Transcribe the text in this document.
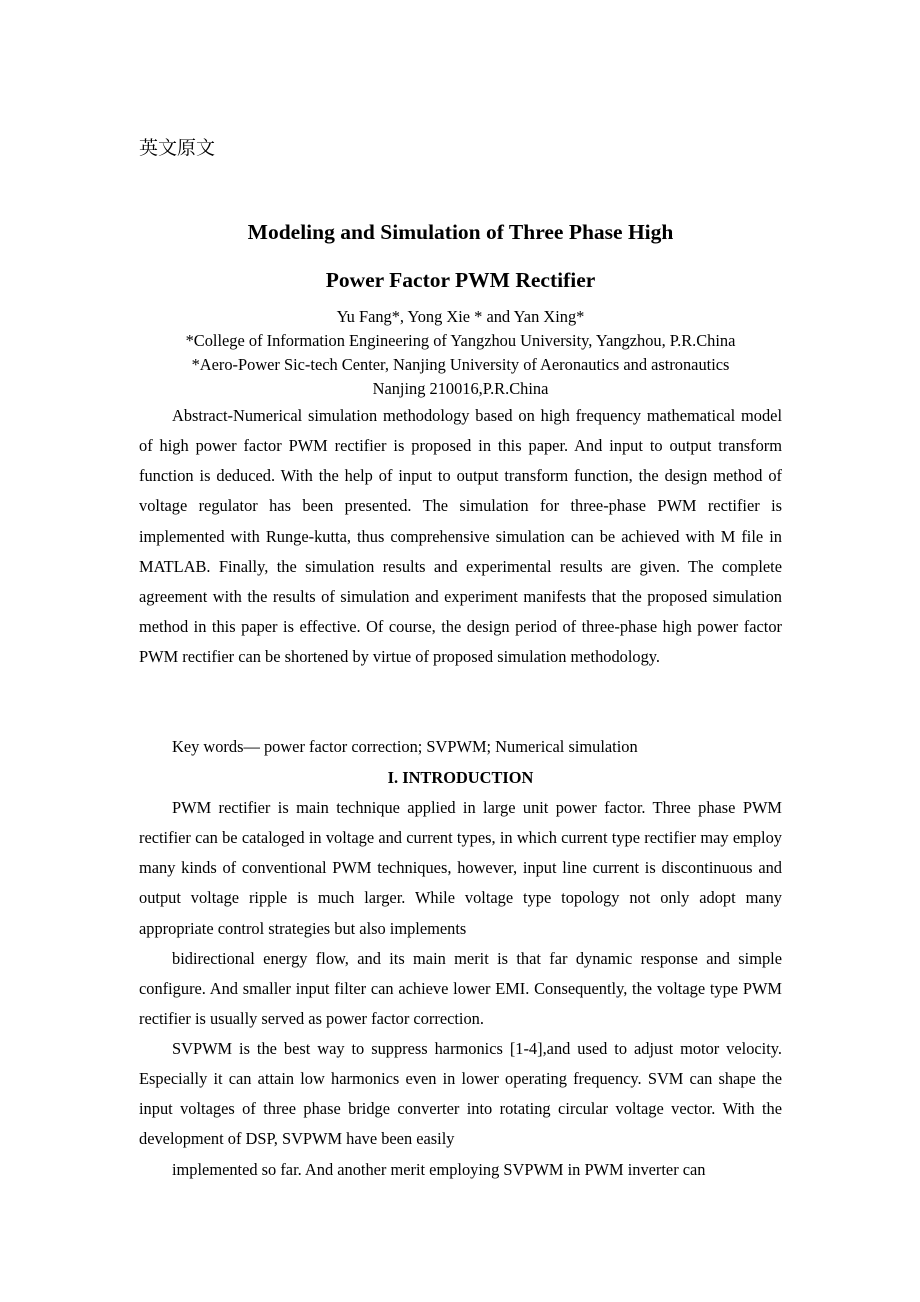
英文原文
Modeling and Simulation of Three Phase High
Power Factor PWM Rectifier
Yu Fang*, Yong Xie * and Yan Xing*
*College of Information Engineering of Yangzhou University, Yangzhou, P.R.China
*Aero-Power Sic-tech Center, Nanjing University of Aeronautics and astronautics
Nanjing 210016,P.R.China

Abstract-Numerical simulation methodology based on high frequency mathematical model of high power factor PWM rectifier is proposed in this paper. And input to output transform function is deduced. With the help of input to output transform function, the design method of voltage regulator has been presented. The simulation for three-phase PWM rectifier is implemented with Runge-kutta, thus comprehensive simulation can be achieved with M file in MATLAB. Finally, the simulation results and experimental results are given. The complete agreement with the results of simulation and experiment manifests that the proposed simulation method in this paper is effective. Of course, the design period of three-phase high power factor PWM rectifier can be shortened by virtue of proposed simulation methodology.

Key words— power factor correction; SVPWM; Numerical simulation

I. INTRODUCTION

PWM rectifier is main technique applied in large unit power factor. Three phase PWM rectifier can be cataloged in voltage and current types, in which current type rectifier may employ many kinds of conventional PWM techniques, however, input line current is discontinuous and output voltage ripple is much larger. While voltage type topology not only adopt many appropriate control strategies but also implements

bidirectional energy flow, and its main merit is that far dynamic response and simple configure. And smaller input filter can achieve lower EMI. Consequently, the voltage type PWM rectifier is usually served as power factor correction.

SVPWM is the best way to suppress harmonics [1-4],and used to adjust motor velocity. Especially it can attain low harmonics even in lower operating frequency. SVM can shape the input voltages of three phase bridge converter into rotating circular voltage vector. With the development of DSP, SVPWM have been easily

implemented so far. And another merit employing SVPWM in PWM inverter can
